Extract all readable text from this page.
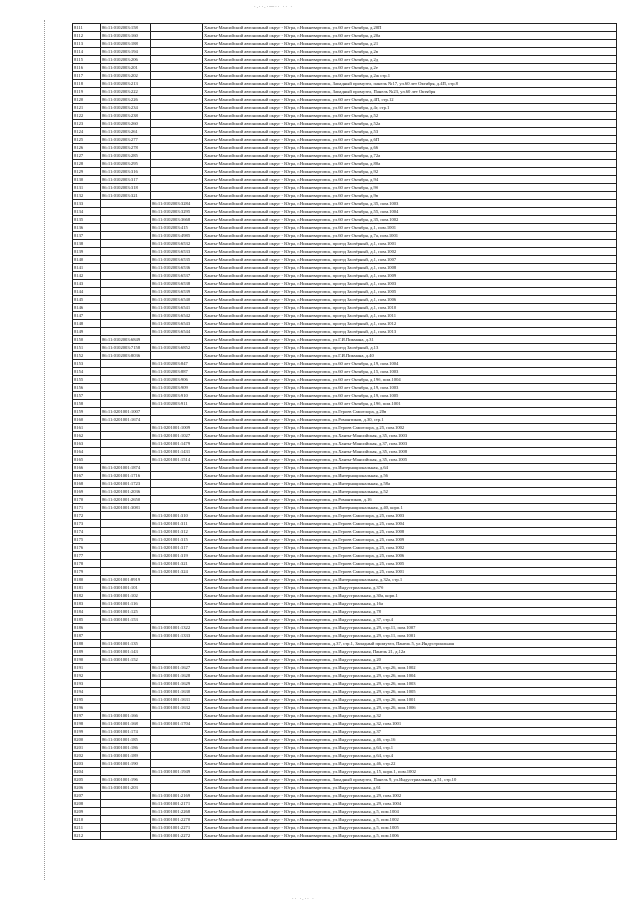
·.··.·—·· ·· ·
8111	86:11:0102003:158		Ханты-Мансийский автономный округ - Югра, г.Нижневартовск, ул.60 лет Октября, д.20П
8112	86:11:0102003:160		Ханты-Мансийский автономный округ - Югра, г.Нижневартовск, ул.60 лет Октября, д.20а
8113	86:11:0102003:188		Ханты-Мансийский автономный округ - Югра, г.Нижневартовск, ул.60 лет Октября, д.21
8114	86:11:0102003:194		Ханты-Мансийский автономный округ - Югра, г.Нижневартовск, ул.60 лет Октября, д.2в
8115	86:11:0102003:206		Ханты-Мансийский автономный округ - Югра, г.Нижневартовск, ул.60 лет Октября, д.2д
8116	86:11:0102003:201		Ханты-Мансийский автономный округ - Югра, г.Нижневартовск, ул.60 лет Октября, д.2е
8117	86:11:0102003:202		Ханты-Мансийский автономный округ - Югра, г.Нижневартовск, ул.60 лет Октября, д.2ж стр.1
8118	86:11:0102003:213		Ханты-Мансийский автономный округ - Югра, г.Нижневартовск, Западный промузел, панель №17, ул.60 лет Октября, д.4П, стр.8
8119	86:11:0102003:222		Ханты-Мансийский автономный округ - Югра, г.Нижневартовск, Западный промузел, Панель №23, ул.60 лет Октября
8120	86:11:0102003:226		Ханты-Мансийский автономный округ - Югра, г.Нижневартовск, ул.60 лет Октября, д.4П, стр.12
8121	86:11:0102003:234		Ханты-Мансийский автономный округ - Югра, г.Нижневартовск, ул.60 лет Октября, д.4г, стр.1
8122	86:11:0102003:238		Ханты-Мансийский автономный округ - Югра, г.Нижневартовск, ул.60 лет Октября, д.52
8123	86:11:0102003:260		Ханты-Мансийский автономный округ - Югра, г.Нижневартовск, ул.60 лет Октября, д.52а
8124	86:11:0102003:261		Ханты-Мансийский автономный округ - Югра, г.Нижневартовск, ул.60 лет Октября, д.53
8125	86:11:0102003:277		Ханты-Мансийский автономный округ - Югра, г.Нижневартовск, ул.60 лет Октября, д.6П
8126	86:11:0102003:278		Ханты-Мансийский автономный округ - Югра, г.Нижневартовск, ул.60 лет Октября, д.66
8127	86:11:0102003:285		Ханты-Мансийский автономный округ - Югра, г.Нижневартовск, ул.60 лет Октября, д.72а
8128	86:11:0102003:295		Ханты-Мансийский автономный округ - Югра, г.Нижневартовск, ул.60 лет Октября, д.80а
8129	86:11:0102003:316		Ханты-Мансийский автономный округ - Югра, г.Нижневартовск, ул.60 лет Октября, д.92
8130	86:11:0102003:317		Ханты-Мансийский автономный округ - Югра, г.Нижневартовск, ул.60 лет Октября, д.94
8131	86:11:0102003:318		Ханты-Мансийский автономный округ - Югра, г.Нижневартовск, ул.60 лет Октября, д.9б
8132	86:11:0102003:321		Ханты-Мансийский автономный округ - Югра, г.Нижневартовск, ул.60 лет Октября, д.9в
8133		86:11:0102003:3284	Ханты-Мансийский автономный округ - Югра, г.Нижневартовск, ул.60 лет Октября, д.35, пом.1003
8134		86:11:0102003:3295	Ханты-Мансийский автономный округ - Югра, г.Нижневартовск, ул.60 лет Октября, д.55, пом.1004
8135		86:11:0102003:3668	Ханты-Мансийский автономный округ - Югра, г.Нижневартовск, ул.60 лет Октября, д.35, пом.1002
8136		86:11:0102003:415	Ханты-Мансийский автономный округ - Югра, г.Нижневартовск, ул.60 лет Октября, д.1, пом.1001
8137		86:11:0102003:4985	Ханты-Мансийский автономный округ - Югра, г.Нижневартовск, ул.60 лет Октября, д.7а, пом.1001
8138		86:11:0102003:6532	Ханты-Мансийский автономный округ - Югра, г.Нижневартовск, проезд Заозёрный, д.1, пом.1001
8139		86:11:0102003:6533	Ханты-Мансийский автономный округ - Югра, г.Нижневартовск, проезд Заозёрный, д.1, пом.1002
8140		86:11:0102003:6535	Ханты-Мансийский автономный округ - Югра, г.Нижневартовск, проезд Заозёрный, д.1, пом.1007
8141		86:11:0102003:6536	Ханты-Мансийский автономный округ - Югра, г.Нижневартовск, проезд Заозёрный, д.1, пом.1008
8142		86:11:0102003:6537	Ханты-Мансийский автономный округ - Югра, г.Нижневартовск, проезд Заозёрный, д.1, пом.1009
8143		86:11:0102003:6538	Ханты-Мансийский автономный округ - Югра, г.Нижневартовск, проезд Заозёрный, д.1, пом.1003
8144		86:11:0102003:6539	Ханты-Мансийский автономный округ - Югра, г.Нижневартовск, проезд Заозёрный, д.1, пом.1005
8145		86:11:0102003:6540	Ханты-Мансийский автономный округ - Югра, г.Нижневартовск, проезд Заозёрный, д.1, пом.1006
8146		86:11:0102003:6541	Ханты-Мансийский автономный округ - Югра, г.Нижневартовск, проезд Заозёрный, д.1, пом.1010
8147		86:11:0102003:6542	Ханты-Мансийский автономный округ - Югра, г.Нижневартовск, проезд Заозёрный, д.1, пом.1011
8148		86:11:0102003:6543	Ханты-Мансийский автономный округ - Югра, г.Нижневартовск, проезд Заозёрный, д.1, пом.1012
8149		86:11:0102003:6544	Ханты-Мансийский автономный округ - Югра, г.Нижневартовск, проезд Заозёрный, д.1, пом.1013
8150	86:11:0102003:6849		Ханты-Мансийский автономный округ - Югра, г.Нижневартовск, ул.Г.И.Пикмана, д.31
8151	86:11:0102003:7158	86:11:0102003:6852	Ханты-Мансийский автономный округ - Югра, г.Нижневартовск, проезд Заозёрный, д.13
8152	86:11:0102003:8036		Ханты-Мансийский автономный округ - Югра, г.Нижневартовск, ул.Г.И.Пикмана, д.40
8153		86:11:0102003:847	Ханты-Мансийский автономный округ - Югра, г.Нижневартовск, ул.60 лет Октября, д.19, пом.1004
8154		86:11:0102003:887	Ханты-Мансийский автономный округ - Югра, г.Нижневартовск, ул.60 лет Октября, д.15, пом.1003
8155		86:11:0102003:906	Ханты-Мансийский автономный округ - Югра, г.Нижневартовск, ул.60 лет Октября, д.19б, пом.1004
8156		86:11:0102003:909	Ханты-Мансийский автономный округ - Югра, г.Нижневартовск, ул.60 лет Октября, д.19, пом.1003
8157		86:11:0102003:910	Ханты-Мансийский автономный округ - Югра, г.Нижневартовск, ул.60 лет Октября, д.19, пом.1005
8158		86:11:0102003:911	Ханты-Мансийский автономный округ - Югра, г.Нижневартовск, ул.60 лет Октября, д.19б, пом.1001
8159	86:11:0201001:1007		Ханты-Мансийский автономный округ - Югра, г.Нижневартовск, ул.Героев Самотлора, д.20в
8160	86:11:0201001:1674		Ханты-Мансийский автономный округ - Югра, г.Нижневартовск, ул.Романтиков, д.30, стр.1
8161		86:11:0201001:1009	Ханты-Мансийский автономный округ - Югра, г.Нижневартовск, ул.Героев Самотлора, д.25, пом.1002
8162		86:11:0201001:1027	Ханты-Мансийский автономный округ - Югра, г.Нижневартовск, ул.Ханты-Мансийская, д.35, пом.1003
8163		86:11:0201001:1479	Ханты-Мансийский автономный округ - Югра, г.Нижневартовск, ул.Ханты-Мансийская, д.37, пом.1003
8164		86:11:0201001:1431	Ханты-Мансийский автономный округ - Югра, г.Нижневартовск, ул.Ханты-Мансийская, д.35, пом.1008
8165		86:11:0201001:1514	Ханты-Мансийский автономный округ - Югра, г.Нижневартовск, ул.Ханты-Мансийская, д.35, пом.1005
8166	86:11:0201001:1874		Ханты-Мансийский автономный округ - Югра, г.Нижневартовск, ул.Интернациональная, д.64
8167	86:11:0201001:1716		Ханты-Мансийский автономный округ - Югра, г.Нижневартовск, ул.Интернациональная, д.56
8168	86:11:0201001:1723		Ханты-Мансийский автономный округ - Югра, г.Нижневартовск, ул.Интернациональная, д.58а
8169	86:11:0201001:2036		Ханты-Мансийский автономный округ - Югра, г.Нижневартовск, ул.Интернациональная, д.52
8170	86:11:0201001:2650		Ханты-Мансийский автономный округ - Югра, г.Нижневартовск, ул.Романтиков, д.16
8171	86:11:0201001:3081		Ханты-Мансийский автономный округ - Югра, г.Нижневартовск, ул.Интернациональная, д.40, корп.1
8172		86:11:0201001:310	Ханты-Мансийский автономный округ - Югра, г.Нижневартовск, ул.Героев Самотлора, д.25, пом.1003
8173		86:11:0201001:311	Ханты-Мансийский автономный округ - Югра, г.Нижневартовск, ул.Героев Самотлора, д.25, пом.1004
8174		86:11:0201001:312	Ханты-Мансийский автономный округ - Югра, г.Нижневартовск, ул.Героев Самотлора, д.25, пом.1008
8175		86:11:0201001:315	Ханты-Мансийский автономный округ - Югра, г.Нижневартовск, ул.Героев Самотлора, д.25, пом.1009
8176		86:11:0201001:317	Ханты-Мансийский автономный округ - Югра, г.Нижневартовск, ул.Героев Самотлора, д.25, пом.1002
8177		86:11:0201001:319	Ханты-Мансийский автономный округ - Югра, г.Нижневартовск, ул.Героев Самотлора, д.25, пом.1006
8178		86:11:0201001:321	Ханты-Мансийский автономный округ - Югра, г.Нижневартовск, ул.Героев Самотлора, д.25, пом.1005
8179		86:11:0201001:324	Ханты-Мансийский автономный округ - Югра, г.Нижневартовск, ул.Героев Самотлора, д.25, пом.1001
8180	86:11:0201001:8919		Ханты-Мансийский автономный округ - Югра, г.Нижневартовск, ул.Интернациональная, д.32а, стр.1
8181	86:11:0301001:101		Ханты-Мансийский автономный округ - Югра, г.Нижневартовск, ул.Индустриальная, д.37б
8182	86:11:0301001:102		Ханты-Мансийский автономный округ - Югра, г.Нижневартовск, ул.Индустриальная, д.30а, корп.1
8183	86:11:0301001:116		Ханты-Мансийский автономный округ - Югра, г.Нижневартовск, ул.Индустриальная, д.16а
8184	86:11:0301001:125		Ханты-Мансийский автономный округ - Югра, г.Нижневартовск, ул.Индустриальная, д.78
8185	86:11:0301001:153		Ханты-Мансийский автономный округ - Югра, г.Нижневартовск, ул.Индустриальная, д.37, стр.4
8186		86:11:0301001:1322	Ханты-Мансийский автономный округ - Югра, г.Нижневартовск, ул.Индустриальная, д.29, стр.11, пом.1007
8187		86:11:0301001:1333	Ханты-Мансийский автономный округ - Югра, г.Нижневартовск, ул.Индустриальная, д.29, стр.11, пом.1001
8188	86:11:0301001:135		Ханты-Мансийский автономный округ - Югра, г.Нижневартовск, д.37, стр.1, Западный промузел, Панель 5, ул.Индустриальная
8189	86:11:0301001:143		Ханты-Мансийский автономный округ - Югра, г.Нижневартовск, ул.Индустриальная, Панель 21, д.12а
8190	86:11:0301001:152		Ханты-Мансийский автономный округ - Югра, г.Нижневартовск, ул.Индустриальная, д.20
8191		86:11:0301001:1627	Ханты-Мансийский автономный округ - Югра, г.Нижневартовск, ул.Индустриальная, д.29, стр.26, пом.1002
8192		86:11:0301001:1628	Ханты-Мансийский автономный округ - Югра, г.Нижневартовск, ул.Индустриальная, д.29, стр.26, пом.1004
8193		86:11:0301001:1629	Ханты-Мансийский автономный округ - Югра, г.Нижневартовск, ул.Индустриальная, д.29, стр.26, пом.1003
8194		86:11:0301001:1630	Ханты-Мансийский автономный округ - Югра, г.Нижневартовск, ул.Индустриальная, д.29, стр.26, пом.1005
8195		86:11:0301001:1631	Ханты-Мансийский автономный округ - Югра, г.Нижневартовск, ул.Индустриальная, д.29, стр.26, пом.1001
8196		86:11:0301001:1632	Ханты-Мансийский автономный округ - Югра, г.Нижневартовск, ул.Индустриальная, д.29, стр.26, пом.1006
8197	86:11:0301001:166		Ханты-Мансийский автономный округ - Югра, г.Нижневартовск, ул.Индустриальная, д.32
8198	86:11:0301001:168	86:11:0301001:1704	Ханты-Мансийский автономный округ - Югра, г.Нижневартовск, ул.Индустриальная, д.32, пом.1001
8199	86:11:0301001:174		Ханты-Мансийский автономный округ - Югра, г.Нижневартовск, ул.Индустриальная, д.37
8200	86:11:0301001:185		Ханты-Мансийский автономный округ - Югра, г.Нижневартовск, ул.Индустриальная, д.46, стр.16
8201	86:11:0301001:186		Ханты-Мансийский автономный округ - Югра, г.Нижневартовск, ул.Индустриальная, д.64, стр.1
8202	86:11:0301001:189		Ханты-Мансийский автономный округ - Югра, г.Нижневартовск, ул.Индустриальная, д.64, стр.4
8203	86:11:0301001:190		Ханты-Мансийский автономный округ - Югра, г.Нижневартовск, ул.Индустриальная, д.46, стр.22
8204		86:11:0301001:1949	Ханты-Мансийский автономный округ - Югра, г.Нижневартовск, ул.Индустриальная, д.15, корп.1, пом.1002
8205	86:11:0301001:196		Ханты-Мансийский автономный округ - Югра, г.Нижневартовск, Западный промузел, Панель 9, ул.Индустриальная, д.51, стр.10
8206	86:11:0301001:203		Ханты-Мансийский автономный округ - Югра, г.Нижневартовск, ул.Индустриальная, д.61
8207		86:11:0301001:2169	Ханты-Мансийский автономный округ - Югра, г.Нижневартовск, ул.Индустриальная, д.29, пом.1002
8208		86:11:0301001:2171	Ханты-Мансийский автономный округ - Югра, г.Нижневартовск, ул.Индустриальная, д.29, пом.1004
8209		86:11:0301001:2268	Ханты-Мансийский автономный округ - Югра, г.Нижневартовск, ул.Индустриальная, д.5, пом.1004
8210		86:11:0301001:2270	Ханты-Мансийский автономный округ - Югра, г.Нижневартовск, ул.Индустриальная, д.5, пом.1002
8211		86:11:0301001:2271	Ханты-Мансийский автономный округ - Югра, г.Нижневартовск, ул.Индустриальная, д.5, пом.1005
8212		86:11:0301001:2272	Ханты-Мансийский автономный округ - Югра, г.Нижневартовск, ул.Индустриальная, д.5, пом.1006
·· ·.·· ·
